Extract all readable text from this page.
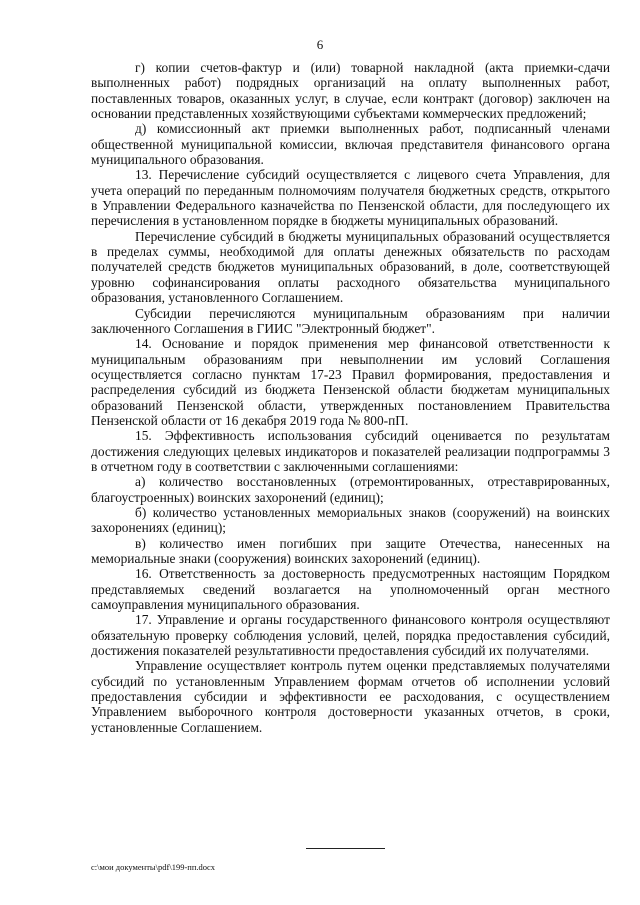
6

г) копии счетов-фактур и (или) товарной накладной (акта приемки-сдачи выполненных работ) подрядных организаций на оплату выполненных работ, поставленных товаров, оказанных услуг, в случае, если контракт (договор) заключен на основании представленных хозяйствующими субъектами коммерческих предложений;

д) комиссионный акт приемки выполненных работ, подписанный членами общественной муниципальной комиссии, включая представителя финансового органа муниципального образования.

13. Перечисление субсидий осуществляется с лицевого счета Управления, для учета операций по переданным полномочиям получателя бюджетных средств, открытого в Управлении Федерального казначейства по Пензенской области, для последующего их перечисления в установленном порядке в бюджеты муниципальных образований.

Перечисление субсидий в бюджеты муниципальных образований осуществляется в пределах суммы, необходимой для оплаты денежных обязательств по расходам получателей средств бюджетов муниципальных образований, в доле, соответствующей уровню софинансирования оплаты расходного обязательства муниципального образования, установленного Соглашением.

Субсидии перечисляются муниципальным образованиям при наличии заключенного Соглашения в ГИИС "Электронный бюджет".

14. Основание и порядок применения мер финансовой ответственности к муниципальным образованиям при невыполнении им условий Соглашения осуществляется согласно пунктам 17-23 Правил формирования, предоставления и распределения субсидий из бюджета Пензенской области бюджетам муниципальных образований Пензенской области, утвержденных постановлением Правительства Пензенской области от 16 декабря 2019 года № 800-пП.

15. Эффективность использования субсидий оценивается по результатам достижения следующих целевых индикаторов и показателей реализации подпрограммы 3 в отчетном году в соответствии с заключенными соглашениями:

а) количество восстановленных (отремонтированных, отреставрированных, благоустроенных) воинских захоронений (единиц);

б) количество установленных мемориальных знаков (сооружений) на воинских захоронениях (единиц);

в) количество имен погибших при защите Отечества, нанесенных на мемориальные знаки (сооружения) воинских захоронений (единиц).

16. Ответственность за достоверность предусмотренных настоящим Порядком представляемых сведений возлагается на уполномоченный орган местного самоуправления муниципального образования.

17. Управление и органы государственного финансового контроля осуществляют обязательную проверку соблюдения условий, целей, порядка предоставления субсидий, достижения показателей результативности предоставления субсидий их получателями.

Управление осуществляет контроль путем оценки представляемых получателями субсидий по установленным Управлением формам отчетов об исполнении условий предоставления субсидии и эффективности ее расходования, с осуществлением Управлением выборочного контроля достоверности указанных отчетов, в сроки, установленные Соглашением.

c:\мои документы\pdf\199-пп.docx
